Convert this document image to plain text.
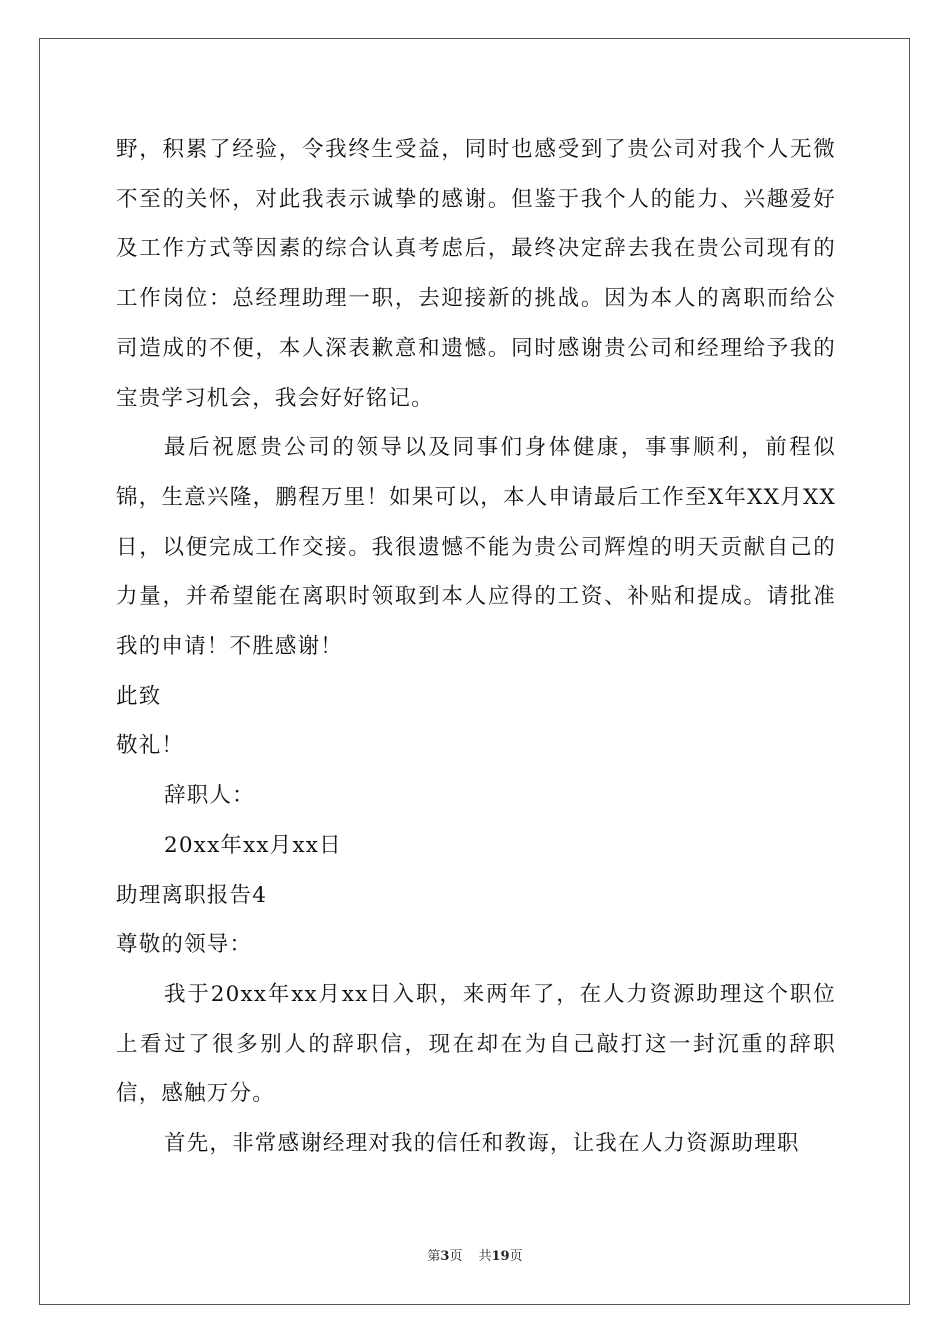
野，积累了经验，令我终生受益，同时也感受到了贵公司对我个人无微不至的关怀，对此我表示诚挚的感谢。但鉴于我个人的能力、兴趣爱好及工作方式等因素的综合认真考虑后，最终决定辞去我在贵公司现有的工作岗位：总经理助理一职，去迎接新的挑战。因为本人的离职而给公司造成的不便，本人深表歉意和遗憾。同时感谢贵公司和经理给予我的宝贵学习机会，我会好好铭记。

最后祝愿贵公司的领导以及同事们身体健康，事事顺利，前程似锦，生意兴隆，鹏程万里！如果可以，本人申请最后工作至X年XX月XX日，以便完成工作交接。我很遗憾不能为贵公司辉煌的明天贡献自己的力量，并希望能在离职时领取到本人应得的工资、补贴和提成。请批准我的申请！不胜感谢！

此致

敬礼！

辞职人：

20xx年xx月xx日

助理离职报告4

尊敬的领导：

我于20xx年xx月xx日入职，来两年了，在人力资源助理这个职位上看过了很多别人的辞职信，现在却在为自己敲打这一封沉重的辞职信，感触万分。

首先，非常感谢经理对我的信任和教诲，让我在人力资源助理职

第3页 共19页
